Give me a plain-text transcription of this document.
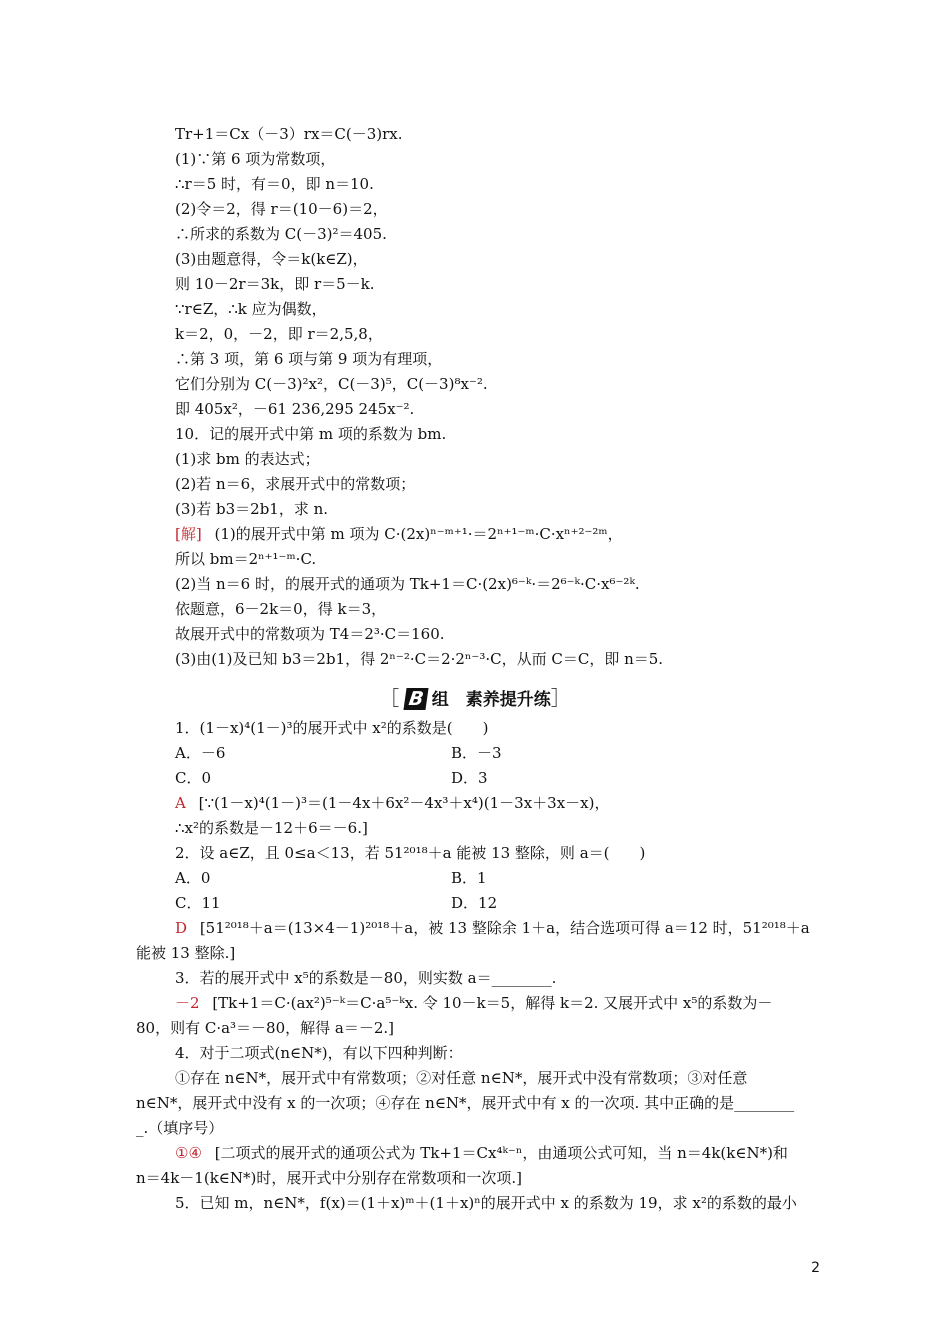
Tr+1＝Cx（－3）rx＝C(－3)rx.
(1)∵第 6 项为常数项，
∴r＝5 时，有＝0，即 n＝10.
(2)令＝2，得 r＝(10－6)＝2，
∴所求的系数为 C(－3)²＝405.
(3)由题意得，令＝k(k∈Z)，
则 10－2r＝3k，即 r＝5－k.
∵r∈Z，∴k 应为偶数，
k＝2，0，－2，即 r＝2,5,8，
∴第 3 项，第 6 项与第 9 项为有理项，
它们分别为 C(－3)²x²，C(－3)⁵，C(－3)⁸x⁻².
即 405x²，－61 236,295 245x⁻².
10．记的展开式中第 m 项的系数为 bm.
(1)求 bm 的表达式；
(2)若 n＝6，求展开式中的常数项；
(3)若 b3＝2b1，求 n.
[解] (1)的展开式中第 m 项为 C·(2x)ⁿ⁻ᵐ⁺¹·＝2ⁿ⁺¹⁻ᵐ·C·xⁿ⁺²⁻²ᵐ，
所以 bm＝2ⁿ⁺¹⁻ᵐ·C.
(2)当 n＝6 时，的展开式的通项为 Tk+1＝C·(2x)⁶⁻ᵏ·＝2⁶⁻ᵏ·C·x⁶⁻²ᵏ.
依题意，6－2k＝0，得 k＝3，
故展开式中的常数项为 T4＝2³·C＝160.
(3)由(1)及已知 b3＝2b1，得 2ⁿ⁻²·C＝2·2ⁿ⁻³·C，从而 C＝C，即 n＝5.
［ B 组　素养提升练］
1．(1－x)⁴(1－)³的展开式中 x²的系数是(　　)
A．－6	B．－3
C．0	D．3
A [∵(1－x)⁴(1－)³＝(1－4x＋6x²－4x³＋x⁴)(1－3x＋3x－x)，
∴x²的系数是－12＋6＝－6.]
2．设 a∈Z，且 0≤a＜13，若 51²⁰¹⁸＋a 能被 13 整除，则 a＝(　　)
A．0	B．1
C．11	D．12
D [51²⁰¹⁸＋a＝(13×4－1)²⁰¹⁸＋a，被 13 整除余 1＋a，结合选项可得 a＝12 时，51²⁰¹⁸＋a
能被 13 整除.]
3．若的展开式中 x⁵的系数是－80，则实数 a＝________.
－2 [Tk+1＝C·(ax²)⁵⁻ᵏ＝C·a⁵⁻ᵏx. 令 10－k＝5，解得 k＝2. 又展开式中 x⁵的系数为－
80，则有 C·a³＝－80，解得 a＝－2.]
4．对于二项式(n∈N*)，有以下四种判断：
①存在 n∈N*，展开式中有常数项；②对任意 n∈N*，展开式中没有常数项；③对任意
n∈N*，展开式中没有 x 的一次项；④存在 n∈N*，展开式中有 x 的一次项. 其中正确的是________
_.（填序号）
①④ [二项式的展开式的通项公式为 Tk+1＝Cx⁴ᵏ⁻ⁿ，由通项公式可知，当 n＝4k(k∈N*)和
n＝4k－1(k∈N*)时，展开式中分别存在常数项和一次项.]
5．已知 m，n∈N*，f(x)＝(1＋x)ᵐ＋(1＋x)ⁿ的展开式中 x 的系数为 19，求 x²的系数的最小
2
